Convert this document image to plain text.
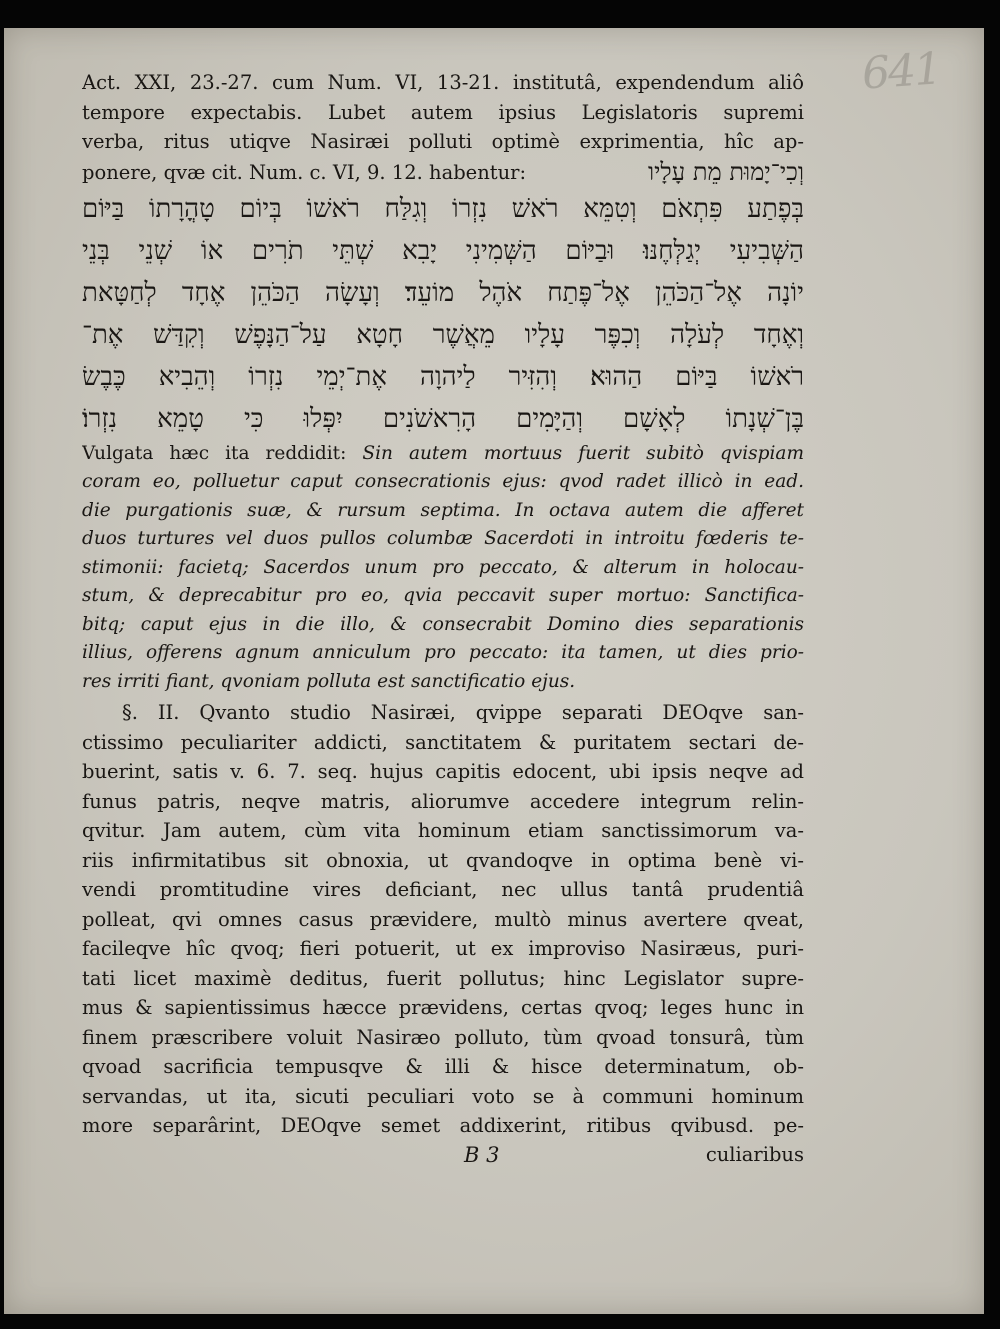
641
Act. XXI, 23.-27. cum Num. VI, 13-21. institutâ, expendendum aliô
tempore expectabis. Lubet autem ipsius Legislatoris supremi
verba, ritus utiqve Nasiræi polluti optimè exprimentia, hîc ap-
ponere, qvæ cit. Num. c. VI, 9. 12. habentur:	וְכִי־יָמוּת מֵת עָלָיו
בְּפֶתַע פִּתְאֹם וְטִמֵּא רֹאשׁ נִזְרוֹ וְגִלַּח רֹאשׁוֹ בְּיוֹם טָהֳרָתוֹ בַּיּוֹם
הַשְּׁבִיעִי יְגַלְּחֶנּוּ׃ וּבַיּוֹם הַשְּׁמִינִי יָבִא שְׁתֵּי תֹרִים אוֹ שְׁנֵי בְּנֵי
יוֹנָה אֶל־הַכֹּהֵן אֶל־פֶּתַח אֹהֶל מוֹעֵד׃ וְעָשָׂה הַכֹּהֵן אֶחָד לְחַטָּאת
וְאֶחָד לְעֹלָה וְכִפֶּר עָלָיו מֵאֲשֶׁר חָטָא עַל־הַנָּפֶשׁ וְקִדַּשׁ אֶת־
רֹאשׁוֹ בַּיּוֹם הַהוּא׃ וְהִזִּיר לַיהוָה אֶת־יְמֵי נִזְרוֹ וְהֵבִיא כֶּבֶשׂ
בֶּן־שְׁנָתוֹ לְאָשָׁם וְהַיָּמִים הָרִאשֹׁנִים יִפְּלוּ כִּי טָמֵא נִזְרוֹ׃
Vulgata hæc ita reddidit: Sin autem mortuus fuerit subitò qvispiam
coram eo, polluetur caput consecrationis ejus: qvod radet illicò in ead.
die purgationis suæ, & rursum septima. In octava autem die afferet
duos turtures vel duos pullos columbæ Sacerdoti in introitu fœderis te-
stimonii: facietq; Sacerdos unum pro peccato, & alterum in holocau-
stum, & deprecabitur pro eo, qvia peccavit super mortuo: Sanctifica-
bitq; caput ejus in die illo, & consecrabit Domino dies separationis
illius, offerens agnum anniculum pro peccato: ita tamen, ut dies prio-
res irriti fiant, qvoniam polluta est sanctificatio ejus.
§. II. Qvanto studio Nasiræi, qvippe separati DEOqve san-
ctissimo peculiariter addicti, sanctitatem & puritatem sectari de-
buerint, satis v. 6. 7. seq. hujus capitis edocent, ubi ipsis neqve ad
funus patris, neqve matris, aliorumve accedere integrum relin-
qvitur. Jam autem, cùm vita hominum etiam sanctissimorum va-
riis infirmitatibus sit obnoxia, ut qvandoqve in optima benè vi-
vendi promtitudine vires deficiant, nec ullus tantâ prudentiâ
polleat, qvi omnes casus prævidere, multò minus avertere qveat,
facileqve hîc qvoq; fieri potuerit, ut ex improviso Nasiræus, puri-
tati licet maximè deditus, fuerit pollutus; hinc Legislator supre-
mus & sapientissimus hæcce prævidens, certas qvoq; leges hunc in
finem præscribere voluit Nasiræo polluto, tùm qvoad tonsurâ, tùm
qvoad sacrificia tempusqve & illi & hisce determinatum, ob-
servandas, ut ita, sicuti peculiari voto se à communi hominum
more separârint, DEOqve semet addixerint, ritibus qvibusd. pe-
B 3	culiaribus
